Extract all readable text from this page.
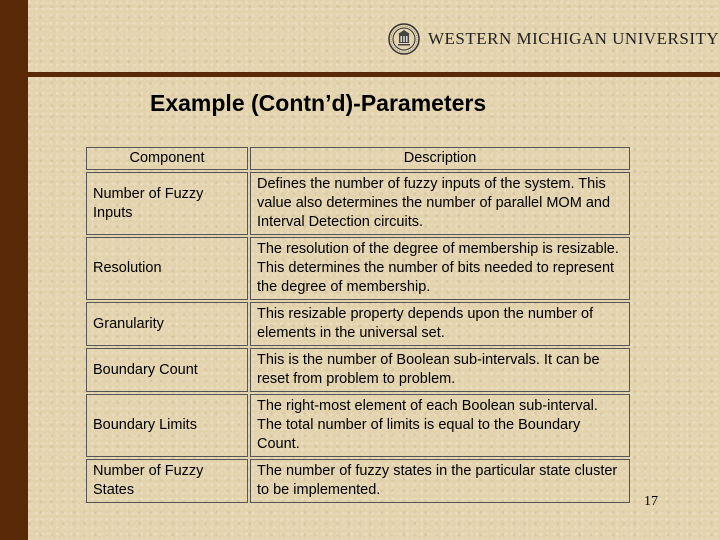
WESTERN MICHIGAN UNIVERSITY
Example (Contn’d)-Parameters
Component	Description
Number of Fuzzy Inputs	Defines the number of fuzzy inputs of the system. This value also determines the number of parallel MOM and Interval Detection circuits.
Resolution	The resolution of the degree of membership is resizable. This determines the number of bits needed to represent the degree of membership.
Granularity	This resizable property depends upon the number of elements in the universal set.
Boundary Count	This is the number of Boolean sub-intervals. It can be reset from problem to problem.
Boundary Limits	The right-most element of each Boolean sub-interval. The total number of limits is equal to the Boundary Count.
Number of Fuzzy States	The number of fuzzy states in the particular state cluster to be implemented.
17
